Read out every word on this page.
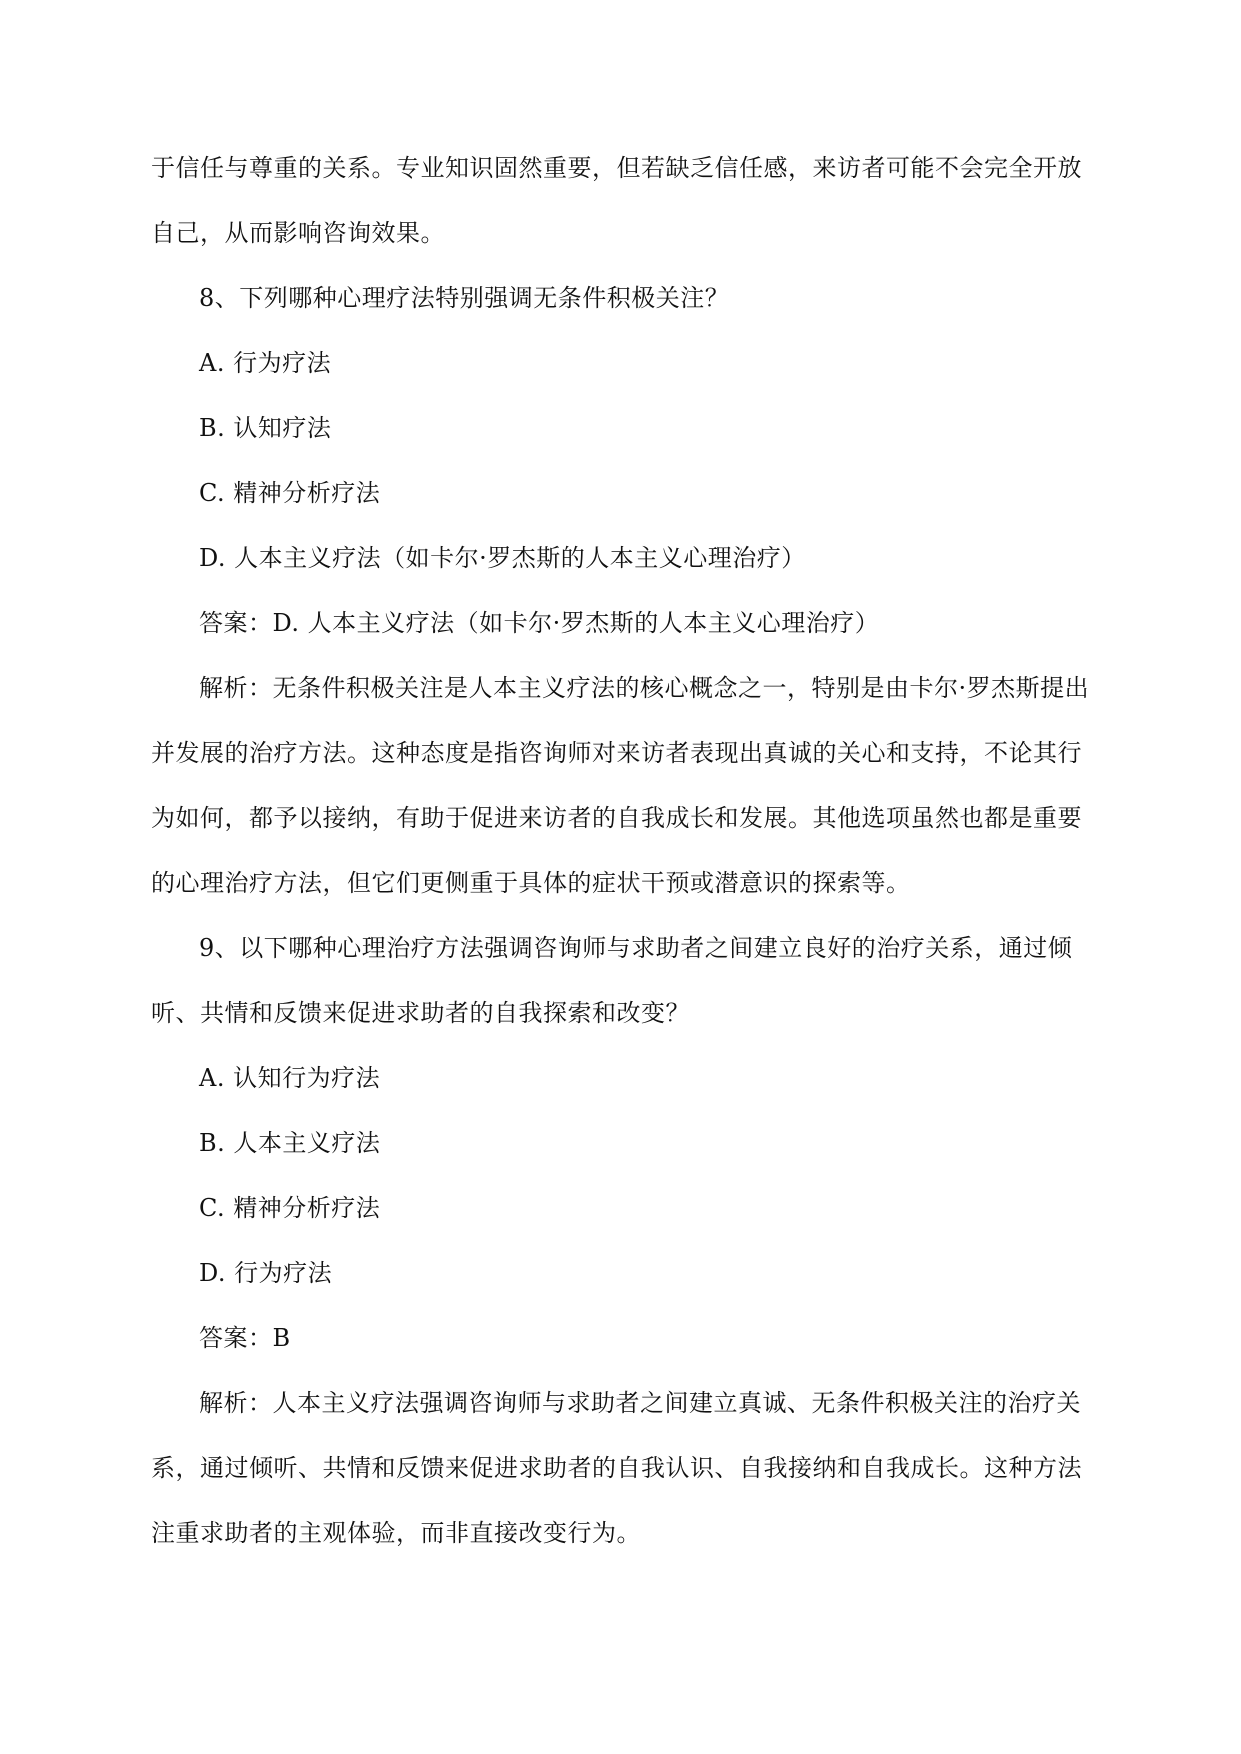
于信任与尊重的关系。专业知识固然重要，但若缺乏信任感，来访者可能不会完全开放自己，从而影响咨询效果。

8、下列哪种心理疗法特别强调无条件积极关注？

A. 行为疗法

B. 认知疗法

C. 精神分析疗法

D. 人本主义疗法（如卡尔·罗杰斯的人本主义心理治疗）

答案：D. 人本主义疗法（如卡尔·罗杰斯的人本主义心理治疗）

解析：无条件积极关注是人本主义疗法的核心概念之一，特别是由卡尔·罗杰斯提出并发展的治疗方法。这种态度是指咨询师对来访者表现出真诚的关心和支持，不论其行为如何，都予以接纳，有助于促进来访者的自我成长和发展。其他选项虽然也都是重要的心理治疗方法，但它们更侧重于具体的症状干预或潜意识的探索等。

9、以下哪种心理治疗方法强调咨询师与求助者之间建立良好的治疗关系，通过倾听、共情和反馈来促进求助者的自我探索和改变？

A. 认知行为疗法

B. 人本主义疗法

C. 精神分析疗法

D. 行为疗法

答案：B

解析：人本主义疗法强调咨询师与求助者之间建立真诚、无条件积极关注的治疗关系，通过倾听、共情和反馈来促进求助者的自我认识、自我接纳和自我成长。这种方法注重求助者的主观体验，而非直接改变行为。
